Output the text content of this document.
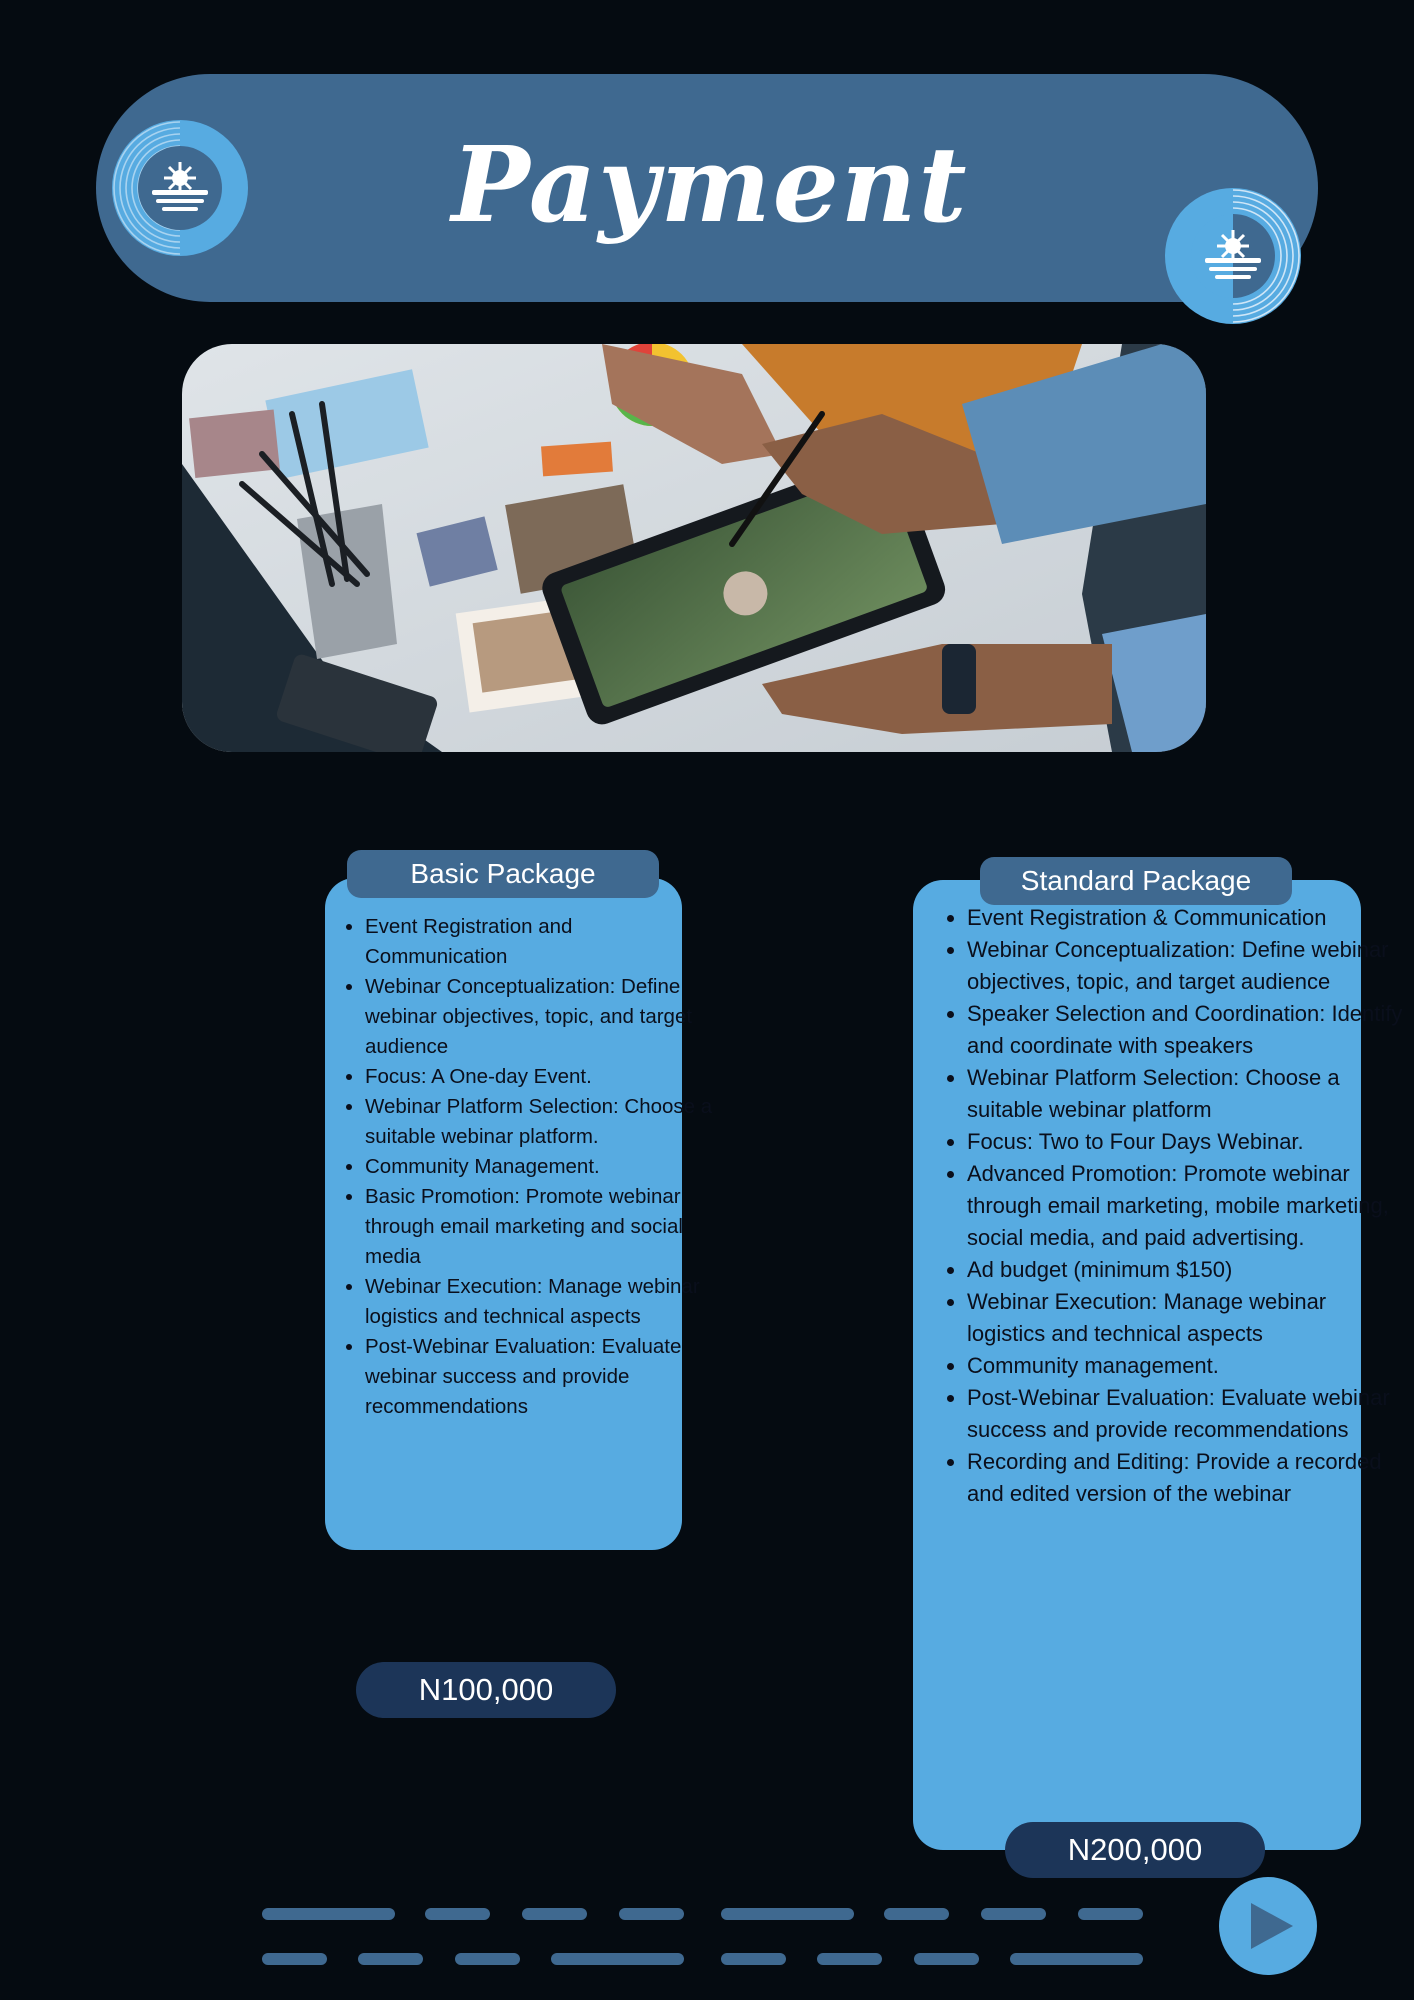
Payment
• Event Registration and Communication
• Webinar Conceptualization: Define webinar objectives, topic, and target audience
• Focus: A One-day Event.
• Webinar Platform Selection: Choose a suitable webinar platform.
• Community Management.
• Basic Promotion: Promote webinar through email marketing and social media
• Webinar Execution: Manage webinar logistics and technical aspects
• Post-Webinar Evaluation: Evaluate webinar success and provide recommendations
Basic Package
N100,000
• Event Registration & Communication
• Webinar Conceptualization: Define webinar objectives, topic, and target audience
• Speaker Selection and Coordination: Identify and coordinate with speakers
• Webinar Platform Selection: Choose a suitable webinar platform
• Focus: Two to Four Days Webinar.
• Advanced Promotion: Promote webinar through email marketing, mobile marketing, social media, and paid advertising.
• Ad budget (minimum $150)
• Webinar Execution: Manage webinar logistics and technical aspects
• Community management.
• Post-Webinar Evaluation: Evaluate webinar success and provide recommendations
• Recording and Editing: Provide a recorded and edited version of the webinar
Standard Package
N200,000
